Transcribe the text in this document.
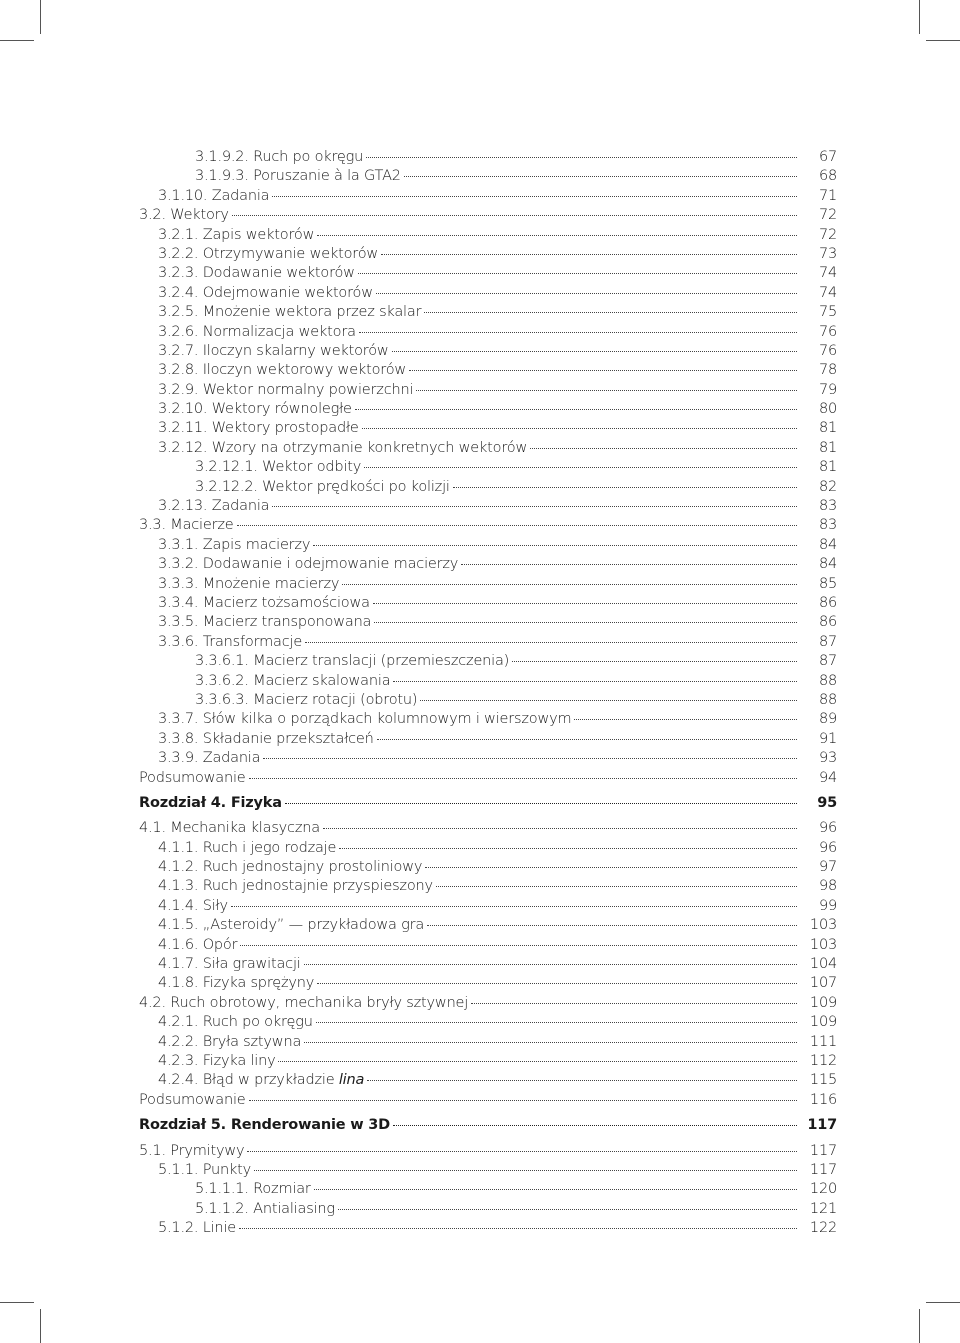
3.1.9.2. Ruch po okręgu	67
3.1.9.3. Poruszanie à la GTA2	68
3.1.10. Zadania	71
3.2. Wektory	72
3.2.1. Zapis wektorów	72
3.2.2. Otrzymywanie wektorów	73
3.2.3. Dodawanie wektorów	74
3.2.4. Odejmowanie wektorów	74
3.2.5. Mnożenie wektora przez skalar	75
3.2.6. Normalizacja wektora	76
3.2.7. Iloczyn skalarny wektorów	76
3.2.8. Iloczyn wektorowy wektorów	78
3.2.9. Wektor normalny powierzchni	79
3.2.10. Wektory równoległe	80
3.2.11. Wektory prostopadłe	81
3.2.12. Wzory na otrzymanie konkretnych wektorów	81
3.2.12.1. Wektor odbity	81
3.2.12.2. Wektor prędkości po kolizji	82
3.2.13. Zadania	83
3.3. Macierze	83
3.3.1. Zapis macierzy	84
3.3.2. Dodawanie i odejmowanie macierzy	84
3.3.3. Mnożenie macierzy	85
3.3.4. Macierz tożsamościowa	86
3.3.5. Macierz transponowana	86
3.3.6. Transformacje	87
3.3.6.1. Macierz translacji (przemieszczenia)	87
3.3.6.2. Macierz skalowania	88
3.3.6.3. Macierz rotacji (obrotu)	88
3.3.7. Słów kilka o porządkach kolumnowym i wierszowym	89
3.3.8. Składanie przekształceń	91
3.3.9. Zadania	93
Podsumowanie	94
Rozdział 4. Fizyka	95
4.1. Mechanika klasyczna	96
4.1.1. Ruch i jego rodzaje	96
4.1.2. Ruch jednostajny prostoliniowy	97
4.1.3. Ruch jednostajnie przyspieszony	98
4.1.4. Siły	99
4.1.5. „Asteroidy” — przykładowa gra	103
4.1.6. Opór	103
4.1.7. Siła grawitacji	104
4.1.8. Fizyka sprężyny	107
4.2. Ruch obrotowy, mechanika bryły sztywnej	109
4.2.1. Ruch po okręgu	109
4.2.2. Bryła sztywna	111
4.2.3. Fizyka liny	112
4.2.4. Błąd w przykładzie lina	115
Podsumowanie	116
Rozdział 5. Renderowanie w 3D	117
5.1. Prymitywy	117
5.1.1. Punkty	117
5.1.1.1. Rozmiar	120
5.1.1.2. Antialiasing	121
5.1.2. Linie	122
